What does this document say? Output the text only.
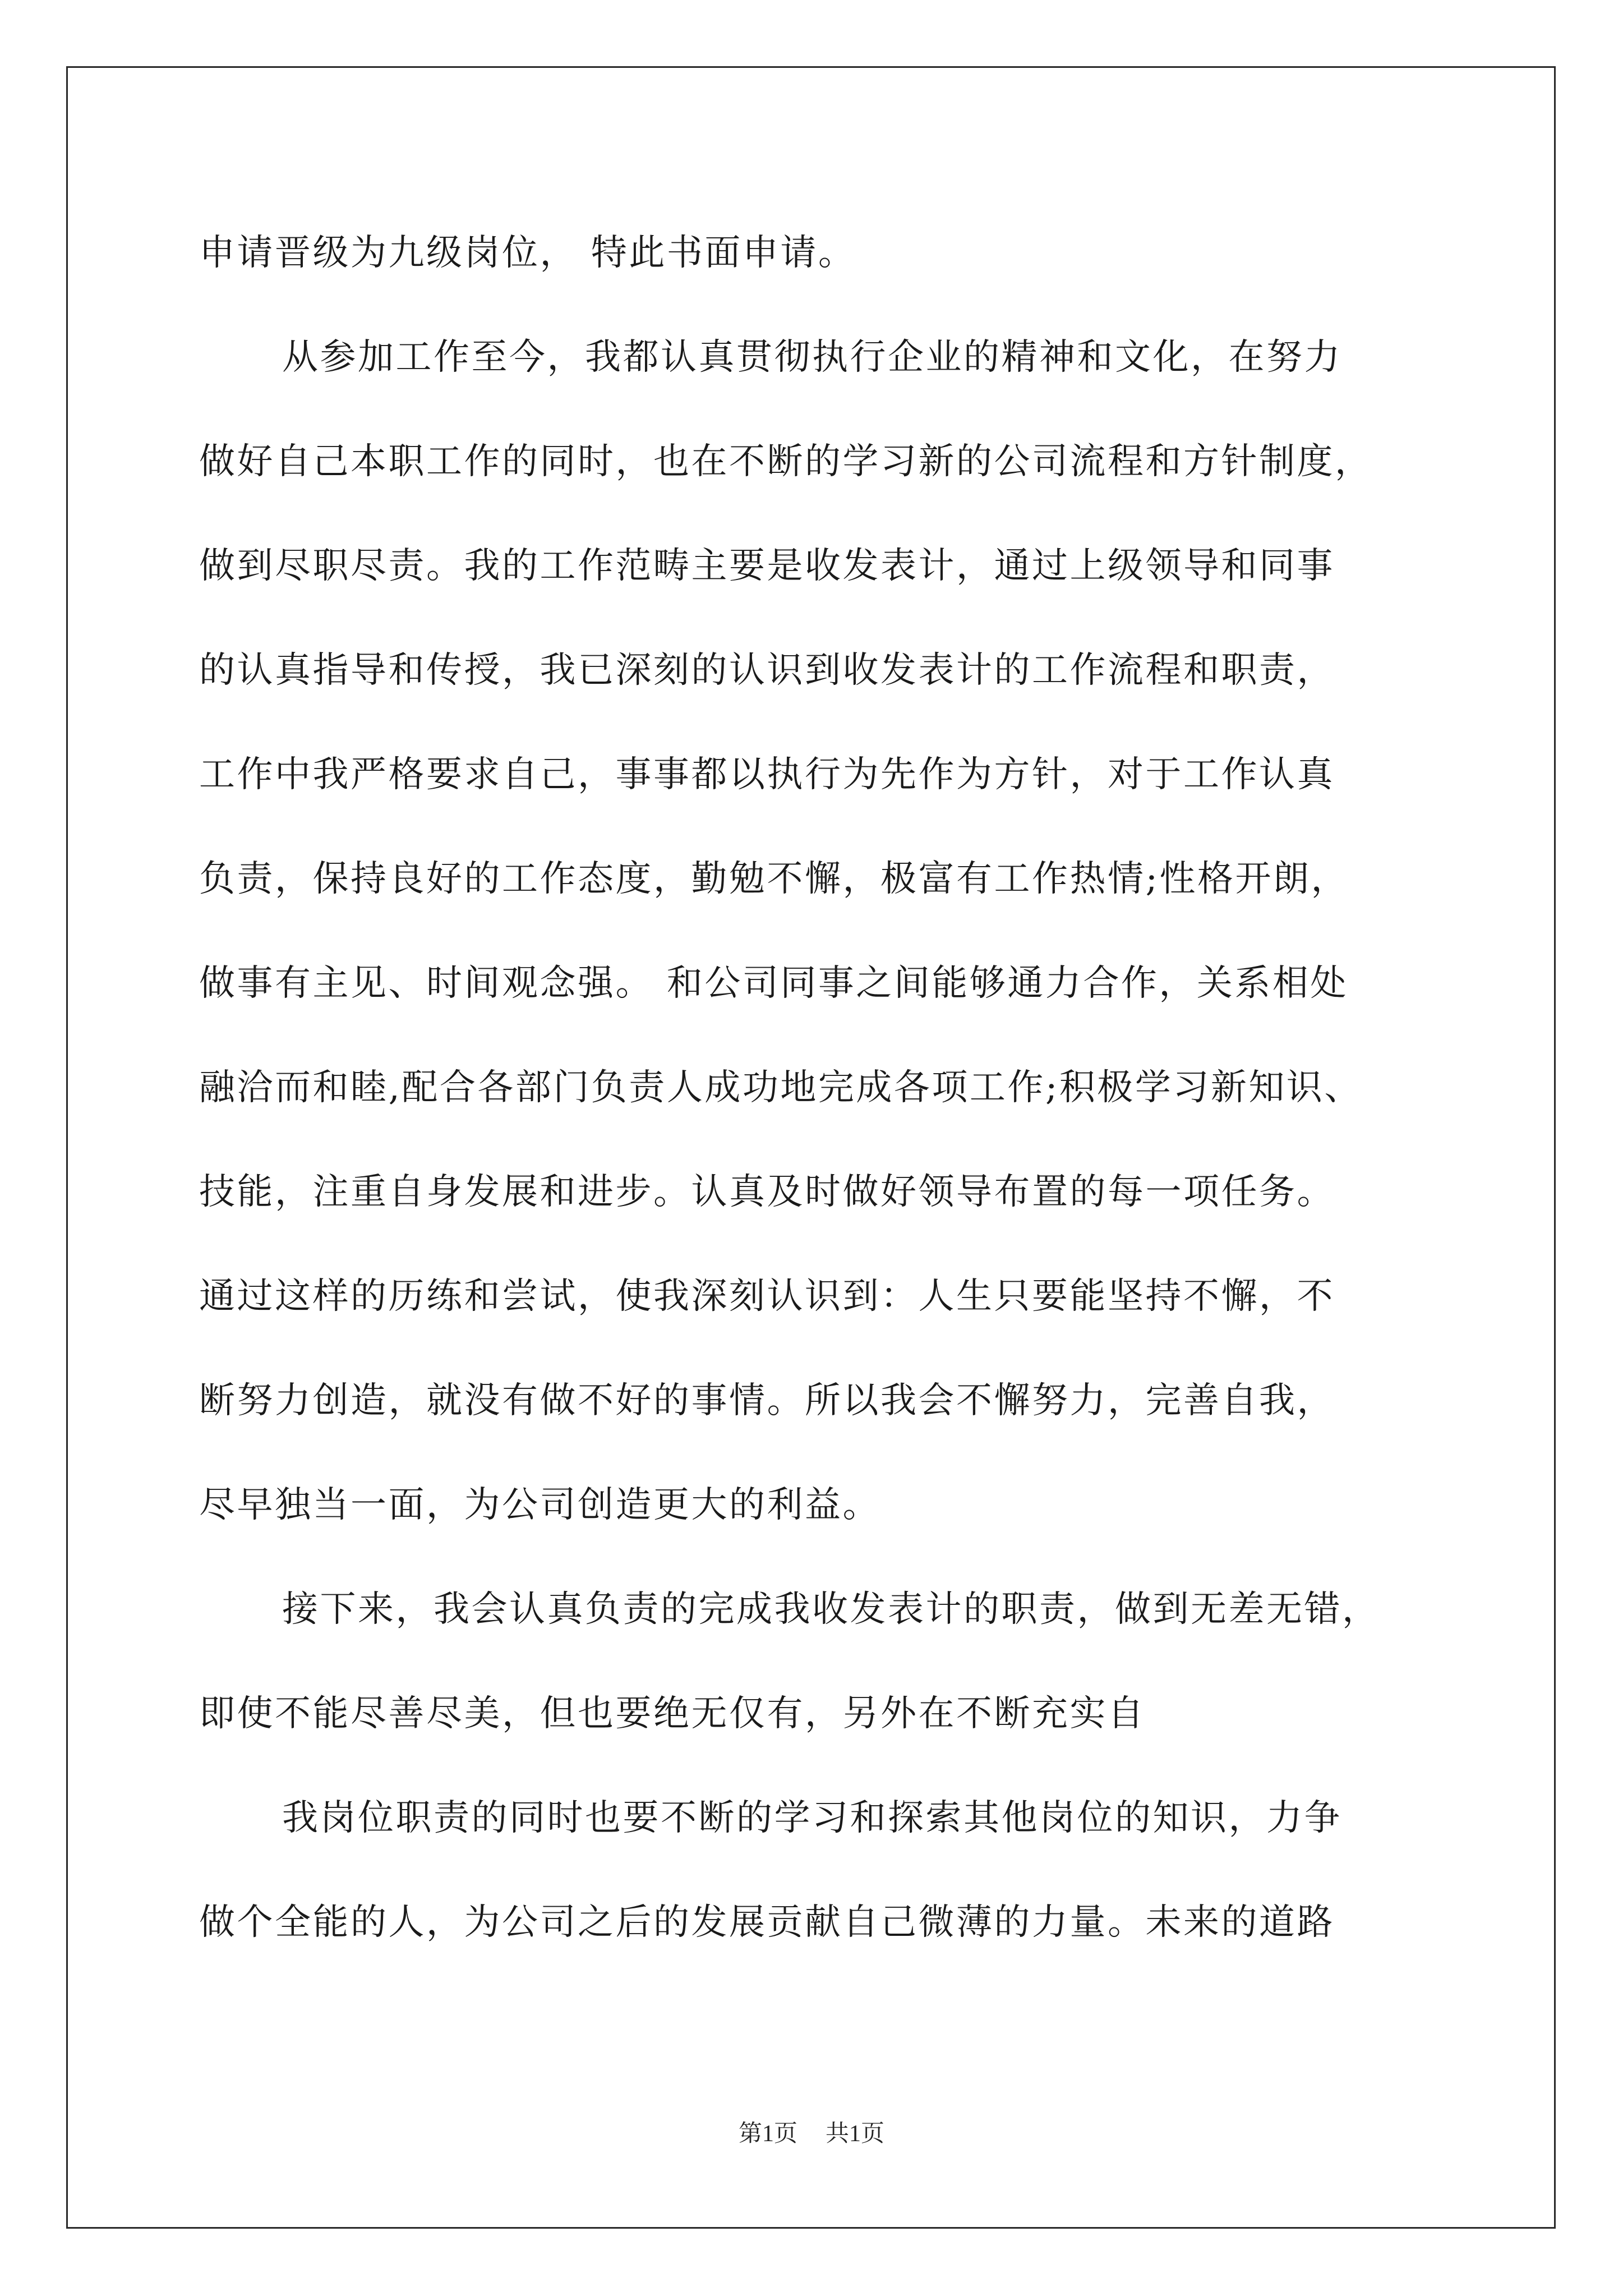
申请晋级为九级岗位， 特此书面申请。
从参加工作至今，我都认真贯彻执行企业的精神和文化，在努力
做好自己本职工作的同时，也在不断的学习新的公司流程和方针制度，
做到尽职尽责。我的工作范畴主要是收发表计，通过上级领导和同事
的认真指导和传授，我已深刻的认识到收发表计的工作流程和职责，
工作中我严格要求自己，事事都以执行为先作为方针，对于工作认真
负责，保持良好的工作态度，勤勉不懈，极富有工作热情;性格开朗，
做事有主见、时间观念强。 和公司同事之间能够通力合作，关系相处
融洽而和睦,配合各部门负责人成功地完成各项工作;积极学习新知识、
技能，注重自身发展和进步。认真及时做好领导布置的每一项任务。
通过这样的历练和尝试，使我深刻认识到：人生只要能坚持不懈，不
断努力创造，就没有做不好的事情。所以我会不懈努力，完善自我，
尽早独当一面，为公司创造更大的利益。
接下来，我会认真负责的完成我收发表计的职责，做到无差无错，
即使不能尽善尽美，但也要绝无仅有，另外在不断充实自
我岗位职责的同时也要不断的学习和探索其他岗位的知识，力争
做个全能的人，为公司之后的发展贡献自己微薄的力量。未来的道路
第1页 共1页
